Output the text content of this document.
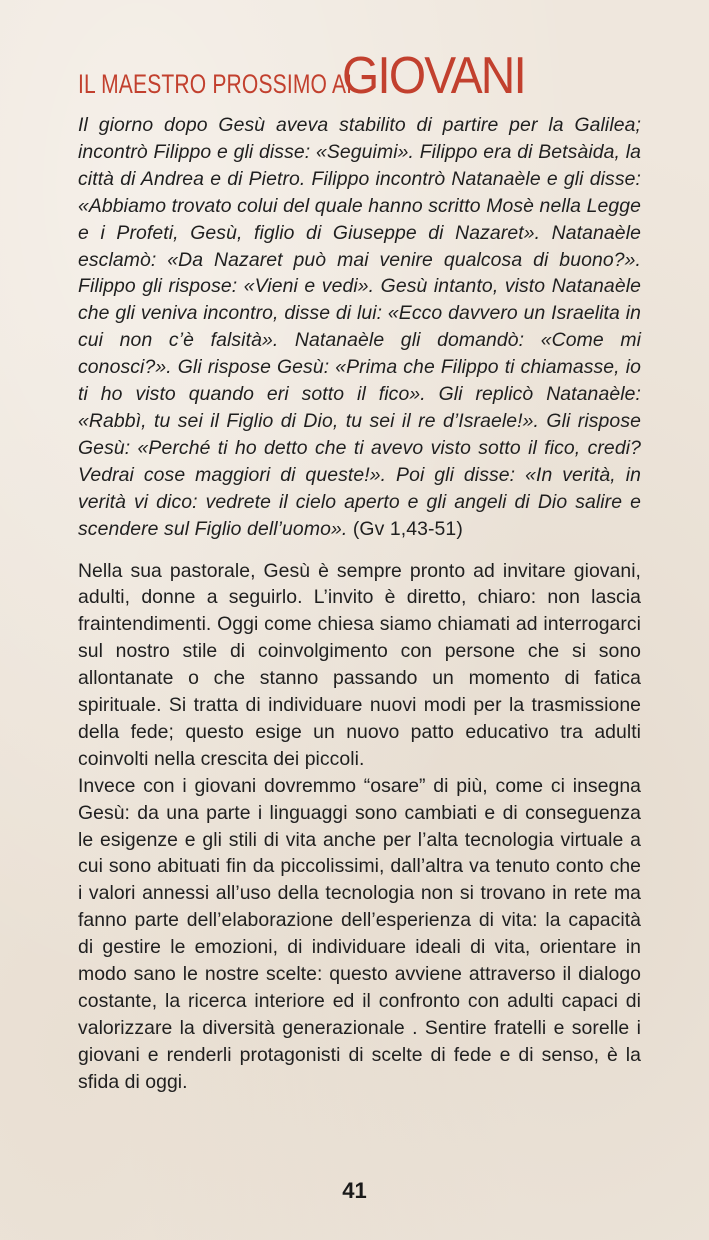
IL MAESTRO PROSSIMO AI
GIOVANI

Il giorno dopo Gesù aveva stabilito di partire per la Galilea; incontrò Filippo e gli disse: «Seguimi». Filippo era di Betsàida, la città di Andrea e di Pietro. Filippo incontrò Natanaèle e gli disse: «Abbiamo trovato colui del quale hanno scritto Mosè nella Legge e i Profeti, Gesù, figlio di Giuseppe di Nazaret». Natanaèle esclamò: «Da Nazaret può mai venire qualcosa di buono?». Filippo gli rispose: «Vieni e vedi». Gesù intanto, visto Natanaèle che gli veniva incontro, disse di lui: «Ecco davvero un Israelita in cui non c’è falsità». Natanaèle gli domandò: «Come mi conosci?». Gli rispose Gesù: «Prima che Filippo ti chiamasse, io ti ho visto quando eri sotto il fico». Gli replicò Natanaèle: «Rabbì, tu sei il Figlio di Dio, tu sei il re d’Israele!». Gli rispose Gesù: «Perché ti ho detto che ti avevo visto sotto il fico, credi? Vedrai cose maggiori di queste!». Poi gli disse: «In verità, in verità vi dico: vedrete il cielo aperto e gli angeli di Dio salire e scendere sul Figlio dell’uomo». (Gv 1,43-51)

Nella sua pastorale, Gesù è sempre pronto ad invitare giovani, adulti, donne a seguirlo. L’invito è diretto, chiaro: non lascia fraintendimenti. Oggi come chiesa siamo chiamati ad interrogarci sul nostro stile di coinvolgimento con persone che si sono allontanate o che stanno passando un momento di fatica spirituale. Si tratta di individuare nuovi modi per la trasmissione della fede; questo esige un nuovo patto educativo tra adulti coinvolti nella crescita dei piccoli.

Invece con i giovani dovremmo “osare” di più, come ci insegna Gesù: da una parte i linguaggi sono cambiati e di conseguenza le esigenze e gli stili di vita anche per l’alta tecnologia virtuale a cui sono abituati fin da piccolissimi, dall’altra va tenuto conto che i valori annessi all’uso della tecnologia non si trovano in rete ma fanno parte dell’elaborazione dell’esperienza di vita: la capacità di gestire le emozioni, di individuare ideali di vita, orientare in modo sano le nostre scelte: questo avviene attraverso il dialogo costante, la ricerca interiore ed il confronto con adulti capaci di valorizzare la diversità generazionale . Sentire fratelli e sorelle i giovani e renderli protagonisti di scelte di fede e di senso, è la sfida di oggi.

41
